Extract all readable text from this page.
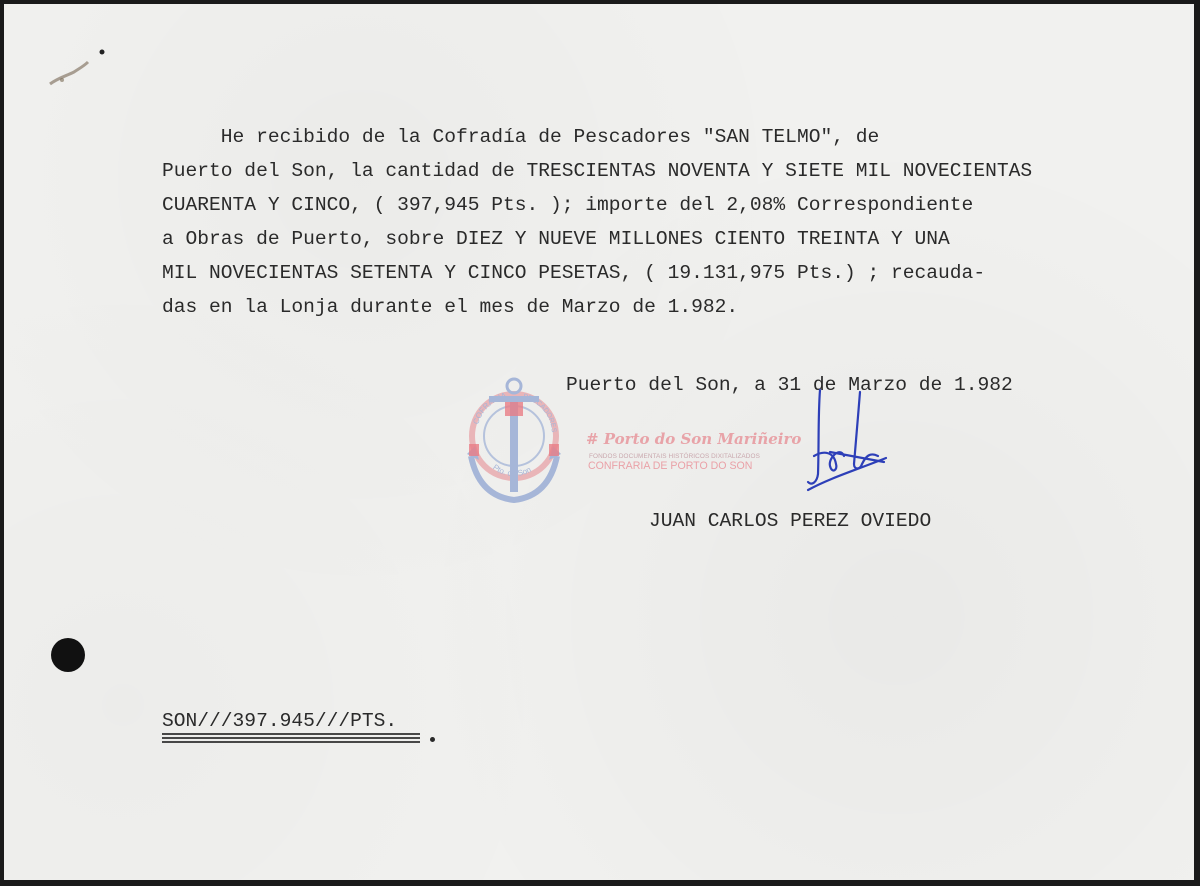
He recibido de la Cofradía de Pescadores "SAN TELMO", de
Puerto del Son, la cantidad de TRESCIENTAS NOVENTA Y SIETE MIL NOVECIENTAS
CUARENTA Y CINCO, ( 397,945 Pts. ); importe del 2,08% Correspondiente
a Obras de Puerto, sobre DIEZ Y NUEVE MILLONES CIENTO TREINTA Y UNA
MIL NOVECIENTAS SETENTA Y CINCO PESETAS, ( 19.131,975 Pts.) ; recauda-
das en la Lonja durante el mes de Marzo de 1.982.
COFRADIA	PESCADORES
Pto. do Son

# Porto do Son Mariñeiro

FONDOS DOCUMENTAIS HISTÓRICOS DIXITALIZADOS

CONFRARIA DE PORTO DO SON

Puerto del Son, a 31 de Marzo de 1.982
JUAN CARLOS PEREZ OVIEDO
SON///397.945///PTS.
